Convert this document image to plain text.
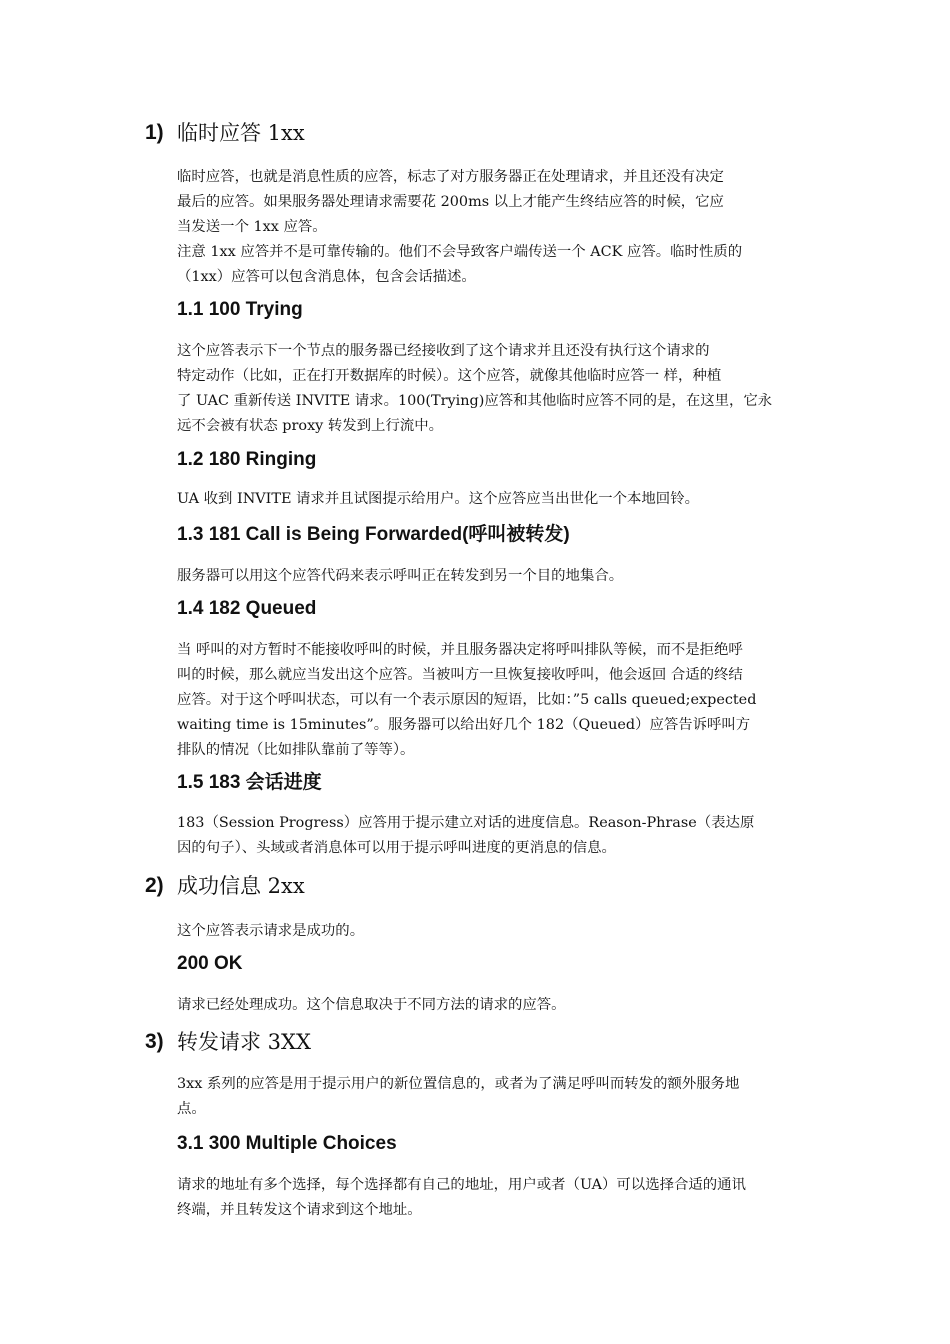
1) 临时应答 1xx
临时应答，也就是消息性质的应答，标志了对方服务器正在处理请求，并且还没有决定
最后的应答。如果服务器处理请求需要花 200ms 以上才能产生终结应答的时候，它应
当发送一个 1xx 应答。
注意 1xx 应答并不是可靠传输的。他们不会导致客户端传送一个 ACK 应答。临时性质的
（1xx）应答可以包含消息体，包含会话描述。
1.1 100 Trying
这个应答表示下一个节点的服务器已经接收到了这个请求并且还没有执行这个请求的
特定动作（比如，正在打开数据库的时候）。这个应答，就像其他临时应答一 样，种植
了 UAC 重新传送 INVITE 请求。100(Trying)应答和其他临时应答不同的是，在这里，它永
远不会被有状态 proxy 转发到上行流中。
1.2 180 Ringing
UA 收到 INVITE 请求并且试图提示给用户。这个应答应当出世化一个本地回铃。
1.3 181 Call is Being Forwarded(呼叫被转发)
服务器可以用这个应答代码来表示呼叫正在转发到另一个目的地集合。
1.4 182 Queued
当 呼叫的对方暂时不能接收呼叫的时候，并且服务器决定将呼叫排队等候，而不是拒绝呼
叫的时候，那么就应当发出这个应答。当被叫方一旦恢复接收呼叫，他会返回 合适的终结
应答。对于这个呼叫状态，可以有一个表示原因的短语，比如：”5 calls queued;expected
waiting time is 15minutes”。服务器可以给出好几个 182（Queued）应答告诉呼叫方
排队的情况（比如排队靠前了等等）。
1.5 183 会话进度
183（Session Progress）应答用于提示建立对话的进度信息。Reason-Phrase（表达原
因的句子）、头域或者消息体可以用于提示呼叫进度的更消息的信息。
2) 成功信息 2xx
这个应答表示请求是成功的。
200 OK
请求已经处理成功。这个信息取决于不同方法的请求的应答。
3) 转发请求 3XX
3xx 系列的应答是用于提示用户的新位置信息的，或者为了满足呼叫而转发的额外服务地
点。
3.1 300 Multiple Choices
请求的地址有多个选择，每个选择都有自己的地址，用户或者（UA）可以选择合适的通讯
终端，并且转发这个请求到这个地址。
